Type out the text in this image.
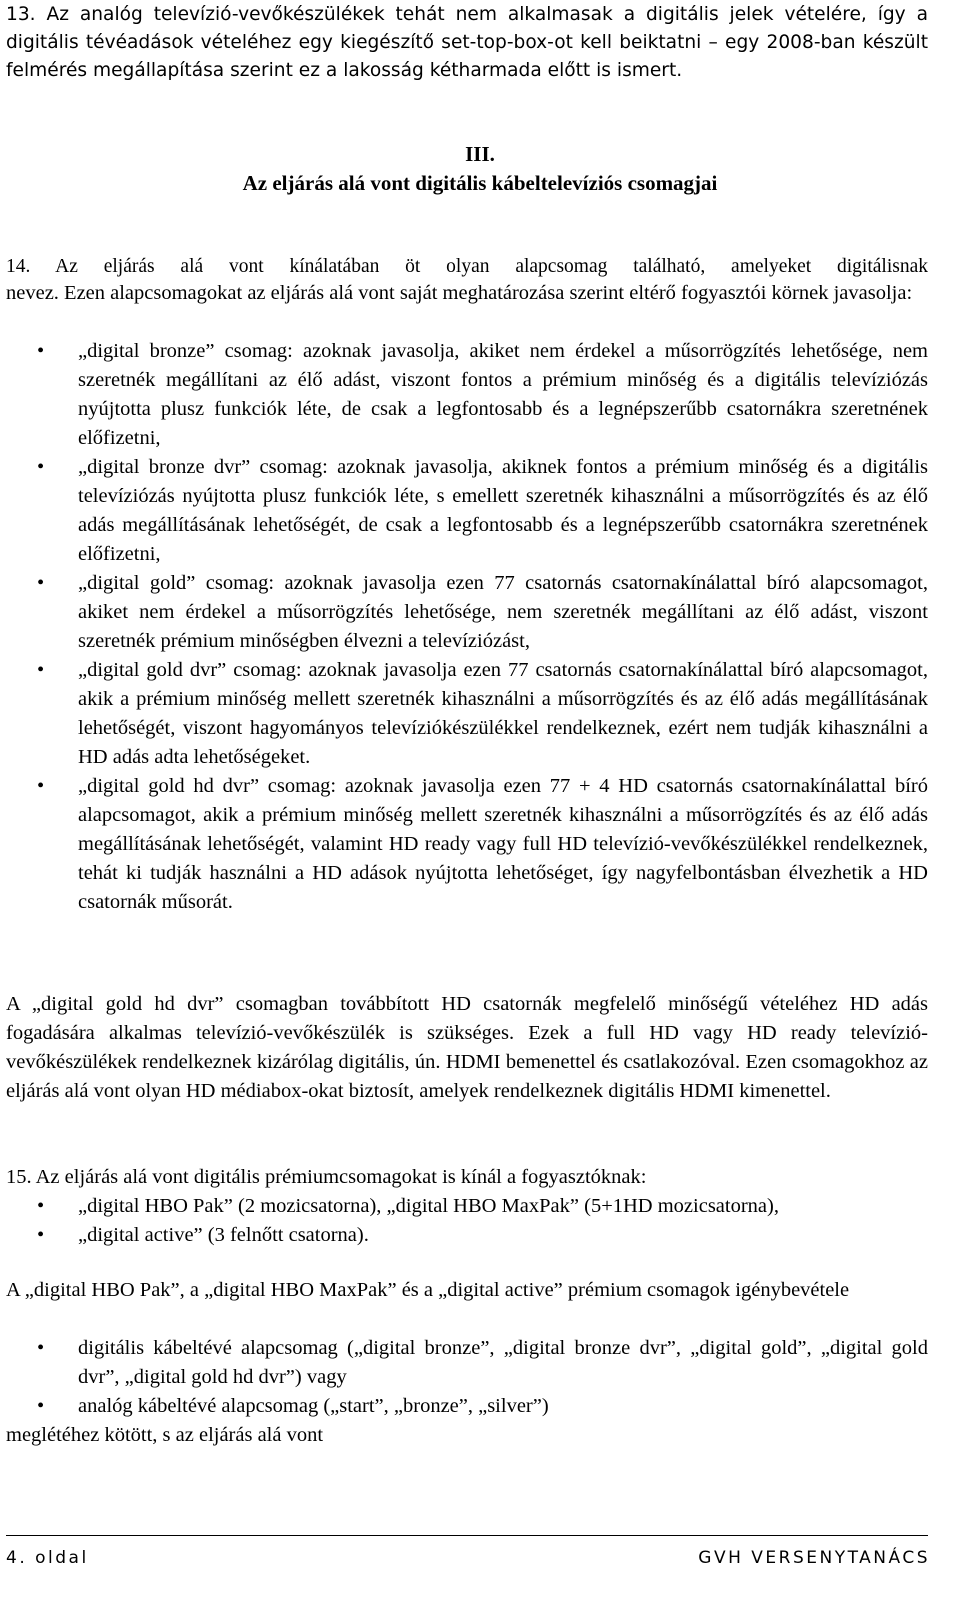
13. Az analóg televízió-vevőkészülékek tehát nem alkalmasak a digitális jelek vételére, így a digitális tévéadások vételéhez egy kiegészítő set-top-box-ot kell beiktatni – egy 2008-ban készült felmérés megállapítása szerint ez a lakosság kétharmada előtt is ismert.

III.

Az eljárás alá vont digitális kábeltelevíziós csomagjai

14. Az eljárás alá vont kínálatában öt olyan alapcsomag található, amelyeket digitálisnak

nevez. Ezen alapcsomagokat az eljárás alá vont saját meghatározása szerint eltérő fogyasztói körnek javasolja:

• „digital bronze” csomag: azoknak javasolja, akiket nem érdekel a műsorrögzítés lehetősége, nem szeretnék megállítani az élő adást, viszont fontos a prémium minőség és a digitális televíziózás nyújtotta plusz funkciók léte, de csak a legfontosabb és a legnépszerűbb csatornákra szeretnének előfizetni,
• „digital bronze dvr” csomag: azoknak javasolja, akiknek fontos a prémium minőség és a digitális televíziózás nyújtotta plusz funkciók léte, s emellett szeretnék kihasználni a műsorrögzítés és az élő adás megállításának lehetőségét, de csak a legfontosabb és a legnépszerűbb csatornákra szeretnének előfizetni,
• „digital gold” csomag: azoknak javasolja ezen 77 csatornás csatornakínálattal bíró alapcsomagot, akiket nem érdekel a műsorrögzítés lehetősége, nem szeretnék megállítani az élő adást, viszont szeretnék prémium minőségben élvezni a televíziózást,
• „digital gold dvr” csomag: azoknak javasolja ezen 77 csatornás csatornakínálattal bíró alapcsomagot, akik a prémium minőség mellett szeretnék kihasználni a műsorrögzítés és az élő adás megállításának lehetőségét, viszont hagyományos televíziókészülékkel rendelkeznek, ezért nem tudják kihasználni a HD adás adta lehetőségeket.
• „digital gold hd dvr” csomag: azoknak javasolja ezen 77 + 4 HD csatornás csatornakínálattal bíró alapcsomagot, akik a prémium minőség mellett szeretnék kihasználni a műsorrögzítés és az élő adás megállításának lehetőségét, valamint HD ready vagy full HD televízió-vevőkészülékkel rendelkeznek, tehát ki tudják használni a HD adások nyújtotta lehetőséget, így nagyfelbontásban élvezhetik a HD csatornák műsorát.

A „digital gold hd dvr” csomagban továbbított HD csatornák megfelelő minőségű vételéhez HD adás fogadására alkalmas televízió-vevőkészülék is szükséges. Ezek a full HD vagy HD ready televízió-vevőkészülékek rendelkeznek kizárólag digitális, ún. HDMI bemenettel és csatlakozóval. Ezen csomagokhoz az eljárás alá vont olyan HD médiabox-okat biztosít, amelyek rendelkeznek digitális HDMI kimenettel.

15. Az eljárás alá vont digitális prémiumcsomagokat is kínál a fogyasztóknak:

• „digital HBO Pak” (2 mozicsatorna), „digital HBO MaxPak” (5+1HD mozicsatorna),
• „digital active” (3 felnőtt csatorna).

A „digital HBO Pak”, a „digital HBO MaxPak” és a „digital active” prémium csomagok igénybevétele

• digitális kábeltévé alapcsomag („digital bronze”, „digital bronze dvr”, „digital gold”, „digital gold dvr”, „digital gold hd dvr”) vagy
• analóg kábeltévé alapcsomag („start”, „bronze”, „silver”)

meglétéhez kötött, s az eljárás alá vont

4. oldal	GVH VERSENYTANÁCS
